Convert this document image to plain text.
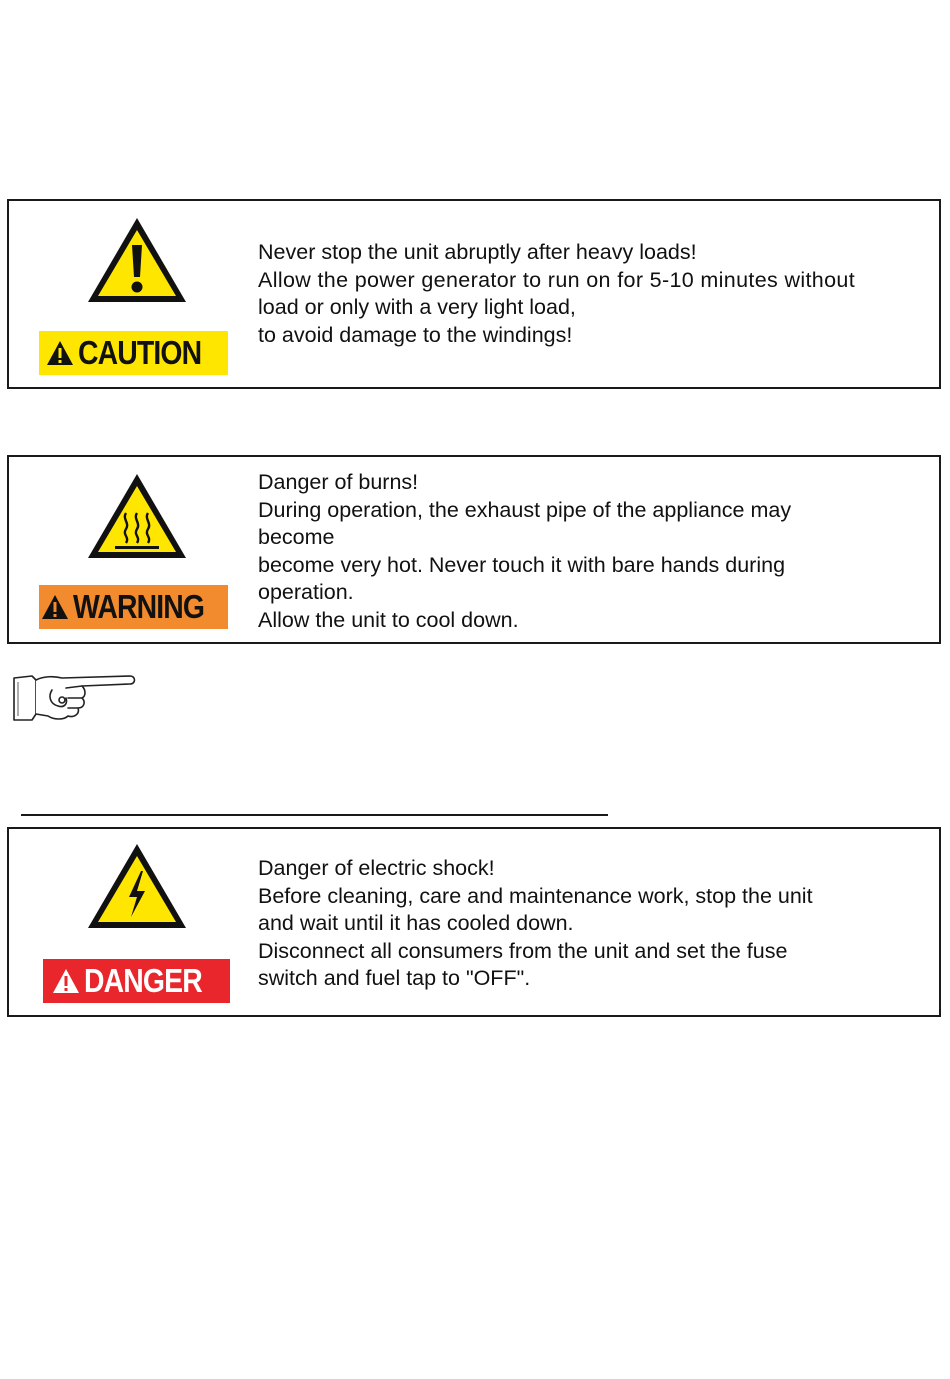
CAUTION
Never stop the unit abruptly after heavy loads!
Allow the power generator to run on for 5-10 minutes without
load or only with a very light load,
to avoid damage to the windings!
WARNING
Danger of burns!
During operation, the exhaust pipe of the appliance may
become
become very hot. Never touch it with bare hands during
operation.
Allow the unit to cool down.
DANGER
Danger of electric shock!
Before cleaning, care and maintenance work, stop the unit
and wait until it has cooled down.
Disconnect all consumers from the unit and set the fuse
switch and fuel tap to "OFF".
